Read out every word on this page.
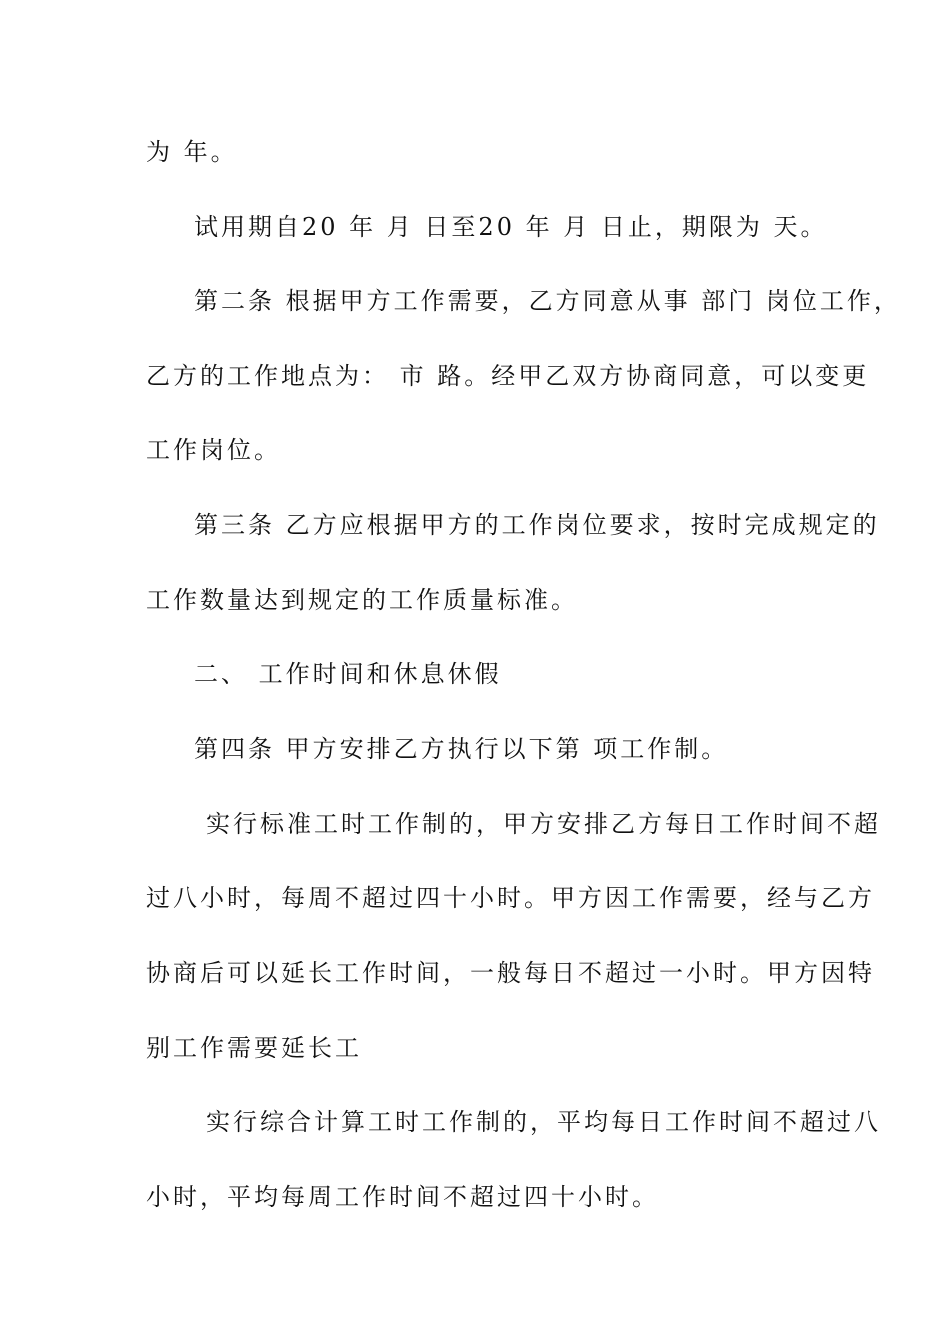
为 年。
试用期自20 年 月 日至20 年 月 日止，期限为 天。
第二条 根据甲方工作需要，乙方同意从事 部门 岗位工作，
乙方的工作地点为： 市 路。经甲乙双方协商同意，可以变更
工作岗位。
第三条 乙方应根据甲方的工作岗位要求，按时完成规定的
工作数量达到规定的工作质量标准。
二、 工作时间和休息休假
第四条 甲方安排乙方执行以下第 项工作制。
实行标准工时工作制的，甲方安排乙方每日工作时间不超
过八小时，每周不超过四十小时。甲方因工作需要，经与乙方
协商后可以延长工作时间，一般每日不超过一小时。甲方因特
别工作需要延长工
实行综合计算工时工作制的，平均每日工作时间不超过八
小时，平均每周工作时间不超过四十小时。
